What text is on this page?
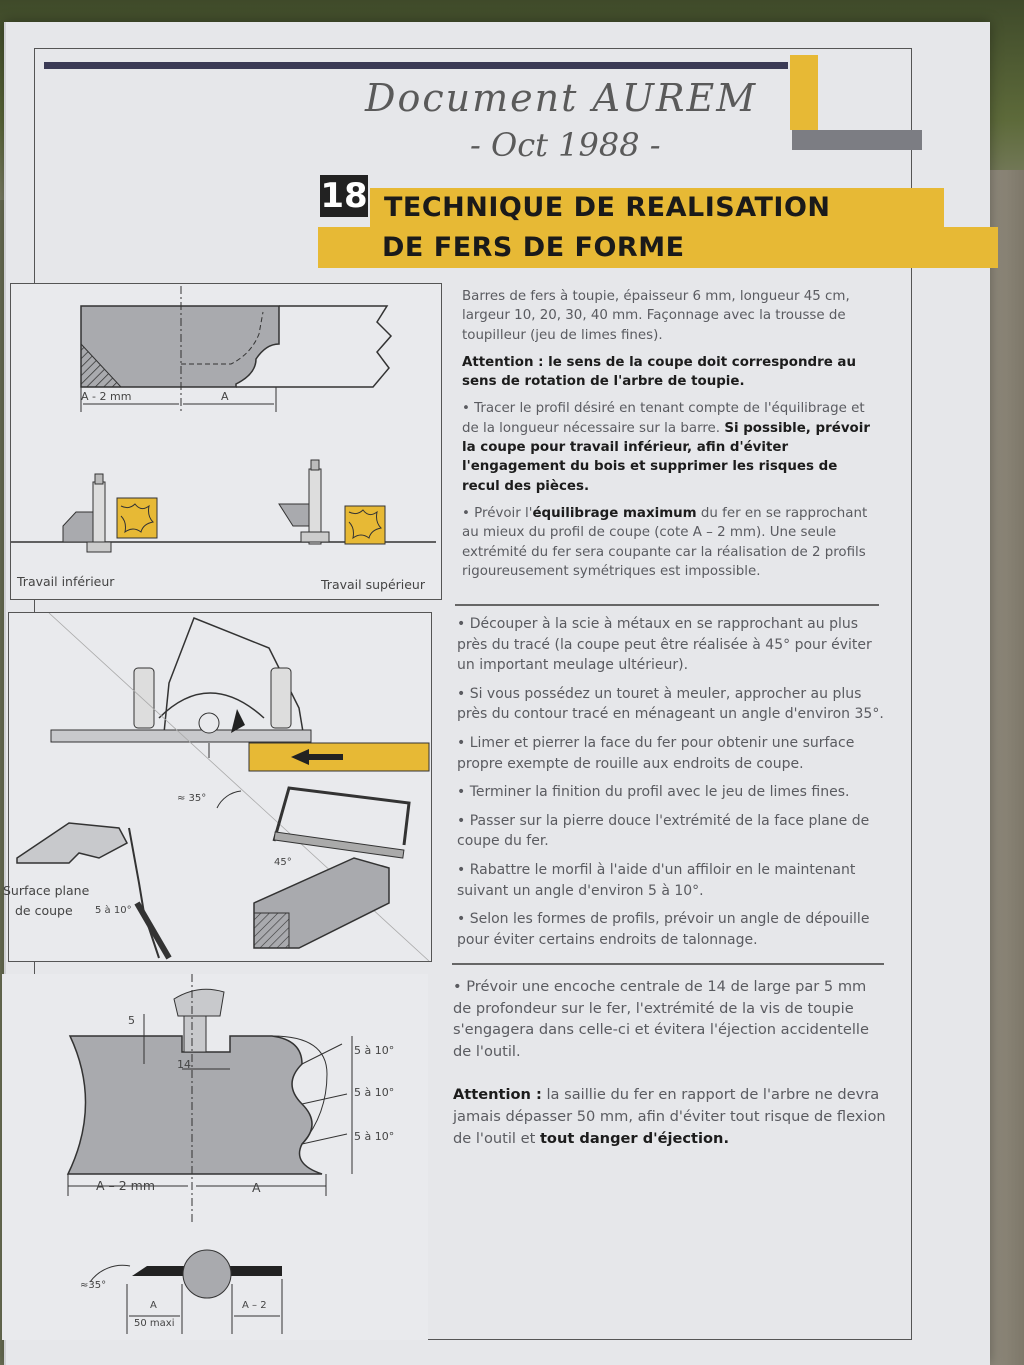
Document AUREM
- Oct 1988 -
18 TECHNIQUE DE REALISATION
DE FERS DE FORME

Barres de fers à toupie, épaisseur 6 mm, longueur 45 cm, largeur 10, 20, 30, 40 mm. Façonnage avec la trousse de toupilleur (jeu de limes fines).

Attention : le sens de la coupe doit correspondre au sens de rotation de l'arbre de toupie.

• Tracer le profil désiré en tenant compte de l'équilibrage et de la longueur nécessaire sur la barre. Si possible, prévoir la coupe pour travail inférieur, afin d'éviter l'engagement du bois et supprimer les risques de recul des pièces.

• Prévoir l'équilibrage maximum du fer en se rapprochant au mieux du profil de coupe (cote A – 2 mm). Une seule extrémité du fer sera coupante car la réalisation de 2 profils rigoureusement symétriques est impossible.

• Découper à la scie à métaux en se rapprochant au plus près du tracé (la coupe peut être réalisée à 45° pour éviter un important meulage ultérieur).

• Si vous possédez un touret à meuler, approcher au plus près du contour tracé en ménageant un angle d'environ 35°.

• Limer et pierrer la face du fer pour obtenir une surface propre exempte de rouille aux endroits de coupe.

• Terminer la finition du profil avec le jeu de limes fines.

• Passer sur la pierre douce l'extrémité de la face plane de coupe du fer.

• Rabattre le morfil à l'aide d'un affiloir en le maintenant suivant un angle d'environ 5 à 10°.

• Selon les formes de profils, prévoir un angle de dépouille pour éviter certains endroits de talonnage.

• Prévoir une encoche centrale de 14 de large par 5 mm de profondeur sur le fer, l'extrémité de la vis de toupie s'engagera dans celle-ci et évitera l'éjection accidentelle de l'outil.

Attention : la saillie du fer en rapport de l'arbre ne devra jamais dépasser 50 mm, afin d'éviter tout risque de flexion de l'outil et tout danger d'éjection.

A - 2 mm	A
Travail inférieur	Travail supérieur
≈ 35°
45°
Surface plane
de coupe 5 à 10°
5
14
A – 2 mm	A
5 à 10°
5 à 10°
5 à 10°
≈35°
A	A – 2
50 maxi
